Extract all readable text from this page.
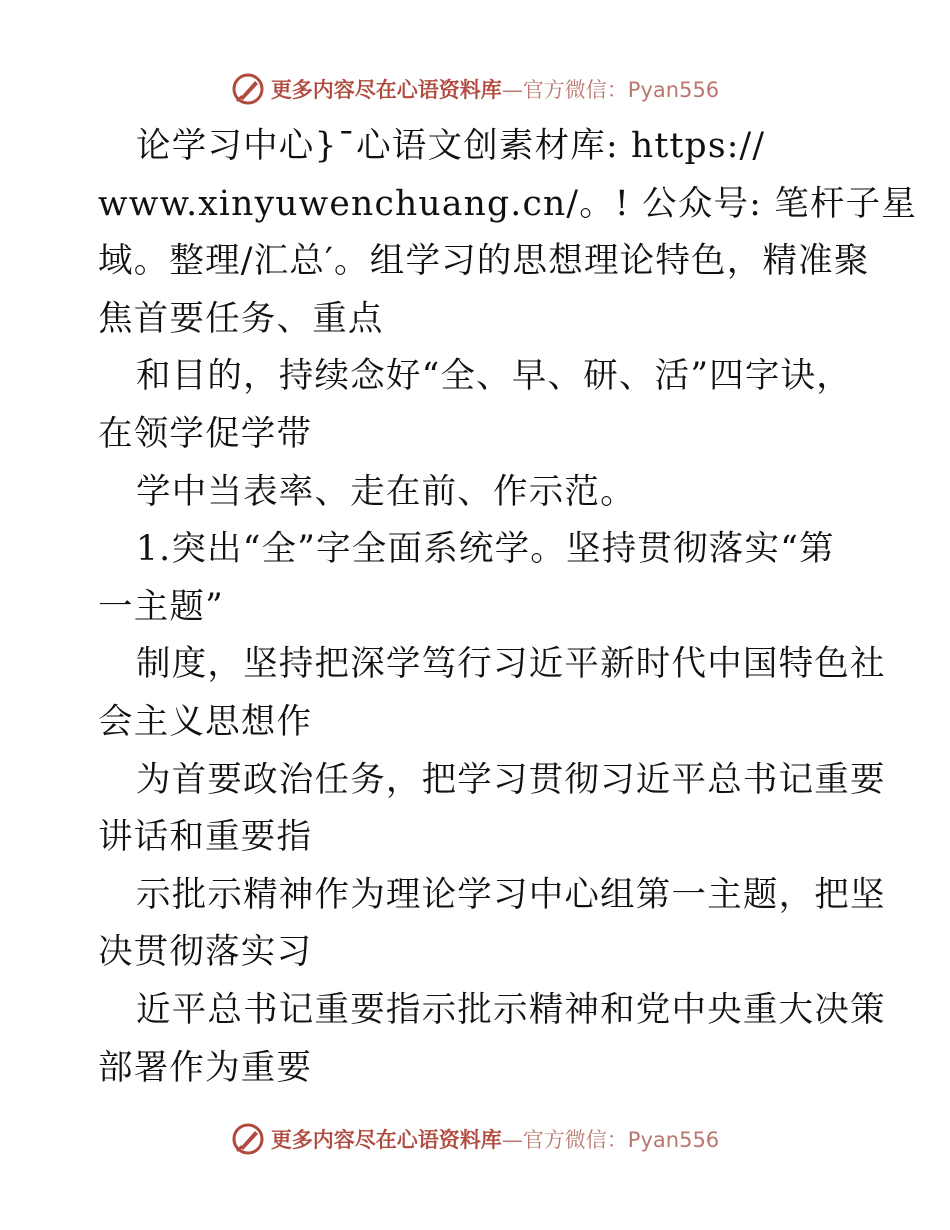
更多内容尽在心语资料库 —官方微信：Pyan556
论学习中心}¯心语文创素材库: https://
www.xinyuwenchuang.cn/。! 公众号: 笔杆子星
域。整理/汇总′。组学习的思想理论特色，精准聚
焦首要任务、重点
和目的，持续念好“全、早、研、活”四字诀，
在领学促学带
学中当表率、走在前、作示范。
1.突出“全”字全面系统学。坚持贯彻落实“第
一主题”
制度，坚持把深学笃行习近平新时代中国特色社
会主义思想作
为首要政治任务，把学习贯彻习近平总书记重要
讲话和重要指
示批示精神作为理论学习中心组第一主题，把坚
决贯彻落实习
近平总书记重要指示批示精神和党中央重大决策
部署作为重要
更多内容尽在心语资料库 —官方微信：Pyan556
